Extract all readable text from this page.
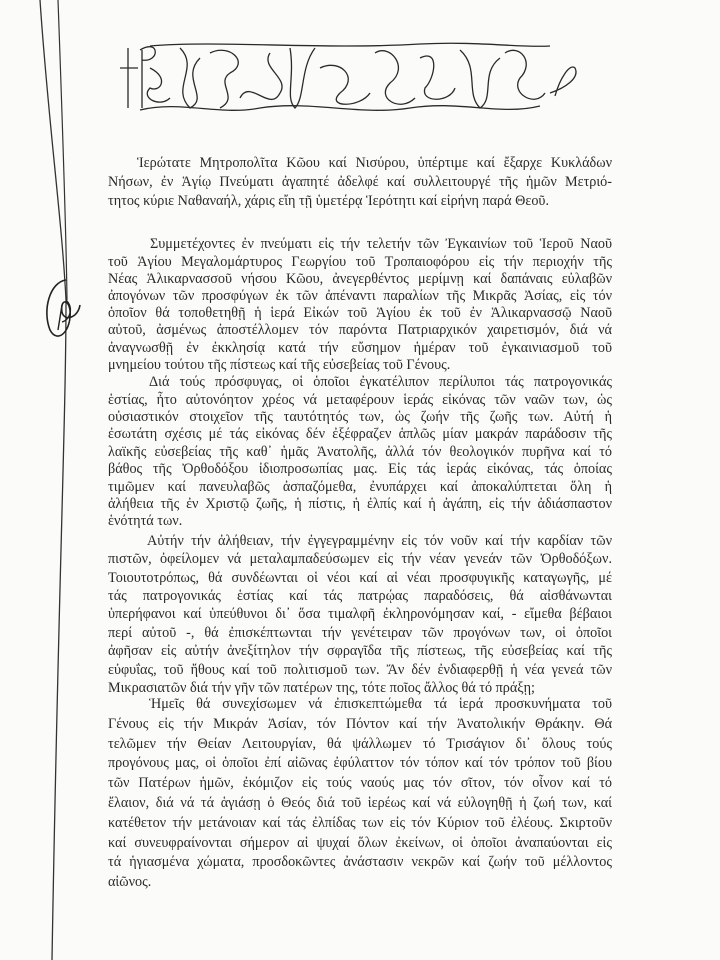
Ἱερώτατε Μητροπολῖτα Κῶου καί Νισύρου, ὑπέρτιμε καί ἔξαρχε Κυκλάδων
Νήσων, ἐν Ἁγίῳ Πνεύματι ἀγαπητέ ἀδελφέ καί συλλειτουργέ τῆς ἡμῶν Μετριό-
τητος κύριε Ναθαναήλ, χάρις εἴη τῇ ὑμετέρᾳ Ἱερότητι καί εἰρήνη παρά Θεοῦ.
Συμμετέχοντες ἐν πνεύματι εἰς τήν τελετήν τῶν Ἐγκαινίων τοῦ Ἱεροῦ Ναοῦ
τοῦ Ἁγίου Μεγαλομάρτυρος Γεωργίου τοῦ Τροπαιοφόρου εἰς τήν περιοχήν τῆς
Νέας Ἁλικαρνασσοῦ νήσου Κῶου, ἀνεγερθέντος μερίμνῃ καί δαπάναις εὐλαβῶν
ἀπογόνων τῶν προσφύγων ἐκ τῶν ἀπέναντι παραλίων τῆς Μικρᾶς Ἀσίας, εἰς τόν
ὁποῖον θά τοποθετηθῇ ἡ ἱερά Εἰκών τοῦ Ἁγίου ἐκ τοῦ ἐν Ἁλικαρνασσῷ Ναοῦ
αὐτοῦ, ἀσμένως ἀποστέλλομεν τόν παρόντα Πατριαρχικόν χαιρετισμόν, διά νά
ἀναγνωσθῇ ἐν ἐκκλησίᾳ κατά τήν εὔσημον ἡμέραν τοῦ ἐγκαινιασμοῦ τοῦ
μνημείου τούτου τῆς πίστεως καί τῆς εὐσεβείας τοῦ Γένους.
Διά τούς πρόσφυγας, οἱ ὁποῖοι ἐγκατέλιπον περίλυποι τάς πατρογονικάς
ἑστίας, ἦτο αὐτονόητον χρέος νά μεταφέρουν ἱεράς εἰκόνας τῶν ναῶν των, ὡς
οὐσιαστικόν στοιχεῖον τῆς ταυτότητός των, ὡς ζωήν τῆς ζωῆς των. Αὐτή ἡ
ἐσωτάτη σχέσις μέ τάς εἰκόνας δέν ἐξέφραζεν ἁπλῶς μίαν μακράν παράδοσιν τῆς
λαϊκῆς εὐσεβείας τῆς καθ᾽ ἡμᾶς Ἀνατολῆς, ἀλλά τόν θεολογικόν πυρῆνα καί τό
βάθος τῆς Ὀρθοδόξου ἰδιοπροσωπίας μας. Εἰς τάς ἱεράς εἰκόνας, τάς ὁποίας
τιμῶμεν καί πανευλαβῶς ἀσπαζόμεθα, ἐνυπάρχει καί ἀποκαλύπτεται ὅλη ἡ
ἀλήθεια τῆς ἐν Χριστῷ ζωῆς, ἡ πίστις, ἡ ἐλπίς καί ἡ ἀγάπη, εἰς τήν ἀδιάσπαστον
ἑνότητά των.
Αὐτήν τήν ἀλήθειαν, τήν ἐγγεγραμμένην εἰς τόν νοῦν καί τήν καρδίαν τῶν
πιστῶν, ὀφείλομεν νά μεταλαμπαδεύσωμεν εἰς τήν νέαν γενεάν τῶν Ὀρθοδόξων.
Τοιουτοτρόπως, θά συνδέωνται οἱ νέοι καί αἱ νέαι προσφυγικῆς καταγωγῆς, μέ
τάς πατρογονικάς ἑστίας καί τάς πατρῴας παραδόσεις, θά αἰσθάνωνται
ὑπερήφανοι καί ὑπεύθυνοι δι᾽ ὅσα τιμαλφῆ ἐκληρονόμησαν καί, - εἴμεθα βέβαιοι
περί αὐτοῦ -, θά ἐπισκέπτωνται τήν γενέτειραν τῶν προγόνων των, οἱ ὁποῖοι
ἀφῆσαν εἰς αὐτήν ἀνεξίτηλον τήν σφραγῖδα τῆς πίστεως, τῆς εὐσεβείας καί τῆς
εὐφυΐας, τοῦ ἤθους καί τοῦ πολιτισμοῦ των. Ἄν δέν ἐνδιαφερθῇ ἡ νέα γενεά τῶν
Μικρασιατῶν διά τήν γῆν τῶν πατέρων της, τότε ποῖος ἄλλος θά τό πράξῃ;
Ἡμεῖς θά συνεχίσωμεν νά ἐπισκεπτώμεθα τά ἱερά προσκυνήματα τοῦ
Γένους εἰς τήν Μικράν Ἀσίαν, τόν Πόντον καί τήν Ἀνατολικήν Θράκην. Θά
τελῶμεν τήν Θείαν Λειτουργίαν, θά ψάλλωμεν τό Τρισάγιον δι᾽ ὅλους τούς
προγόνους μας, οἱ ὁποῖοι ἐπί αἰῶνας ἐφύλαττον τόν τόπον καί τόν τρόπον τοῦ βίου
τῶν Πατέρων ἡμῶν, ἐκόμιζον εἰς τούς ναούς μας τόν σῖτον, τόν οἶνον καί τό
ἔλαιον, διά νά τά ἁγιάσῃ ὁ Θεός διά τοῦ ἱερέως καί νά εὐλογηθῇ ἡ ζωή των, καί
κατέθετον τήν μετάνοιαν καί τάς ἐλπίδας των εἰς τόν Κύριον τοῦ ἐλέους. Σκιρτοῦν
καί συνευφραίνονται σήμερον αἱ ψυχαί ὅλων ἐκείνων, οἱ ὁποῖοι ἀναπαύονται εἰς
τά ἡγιασμένα χώματα, προσδοκῶντες ἀνάστασιν νεκρῶν καί ζωήν τοῦ μέλλοντος
αἰῶνος.
